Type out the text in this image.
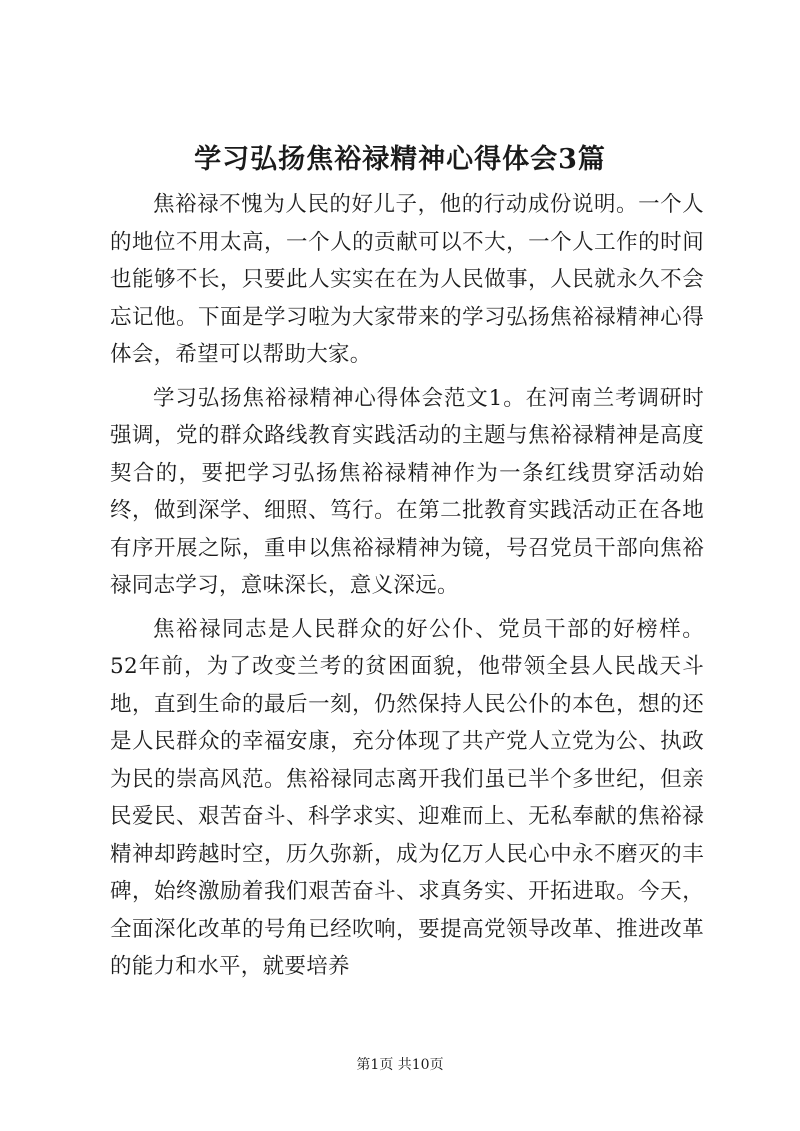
学习弘扬焦裕禄精神心得体会3篇

焦裕禄不愧为人民的好儿子，他的行动成份说明。一个人的地位不用太高，一个人的贡献可以不大，一个人工作的时间也能够不长，只要此人实实在在为人民做事，人民就永久不会忘记他。下面是学习啦为大家带来的学习弘扬焦裕禄精神心得体会，希望可以帮助大家。

学习弘扬焦裕禄精神心得体会范文1。在河南兰考调研时强调，党的群众路线教育实践活动的主题与焦裕禄精神是高度契合的，要把学习弘扬焦裕禄精神作为一条红线贯穿活动始终，做到深学、细照、笃行。在第二批教育实践活动正在各地有序开展之际，重申以焦裕禄精神为镜，号召党员干部向焦裕禄同志学习，意味深长，意义深远。

焦裕禄同志是人民群众的好公仆、党员干部的好榜样。52年前，为了改变兰考的贫困面貌，他带领全县人民战天斗地，直到生命的最后一刻，仍然保持人民公仆的本色，想的还是人民群众的幸福安康，充分体现了共产党人立党为公、执政为民的崇高风范。焦裕禄同志离开我们虽已半个多世纪，但亲民爱民、艰苦奋斗、科学求实、迎难而上、无私奉献的焦裕禄精神却跨越时空，历久弥新，成为亿万人民心中永不磨灭的丰碑，始终激励着我们艰苦奋斗、求真务实、开拓进取。今天，全面深化改革的号角已经吹响，要提高党领导改革、推进改革的能力和水平，就要培养

第1页 共10页
